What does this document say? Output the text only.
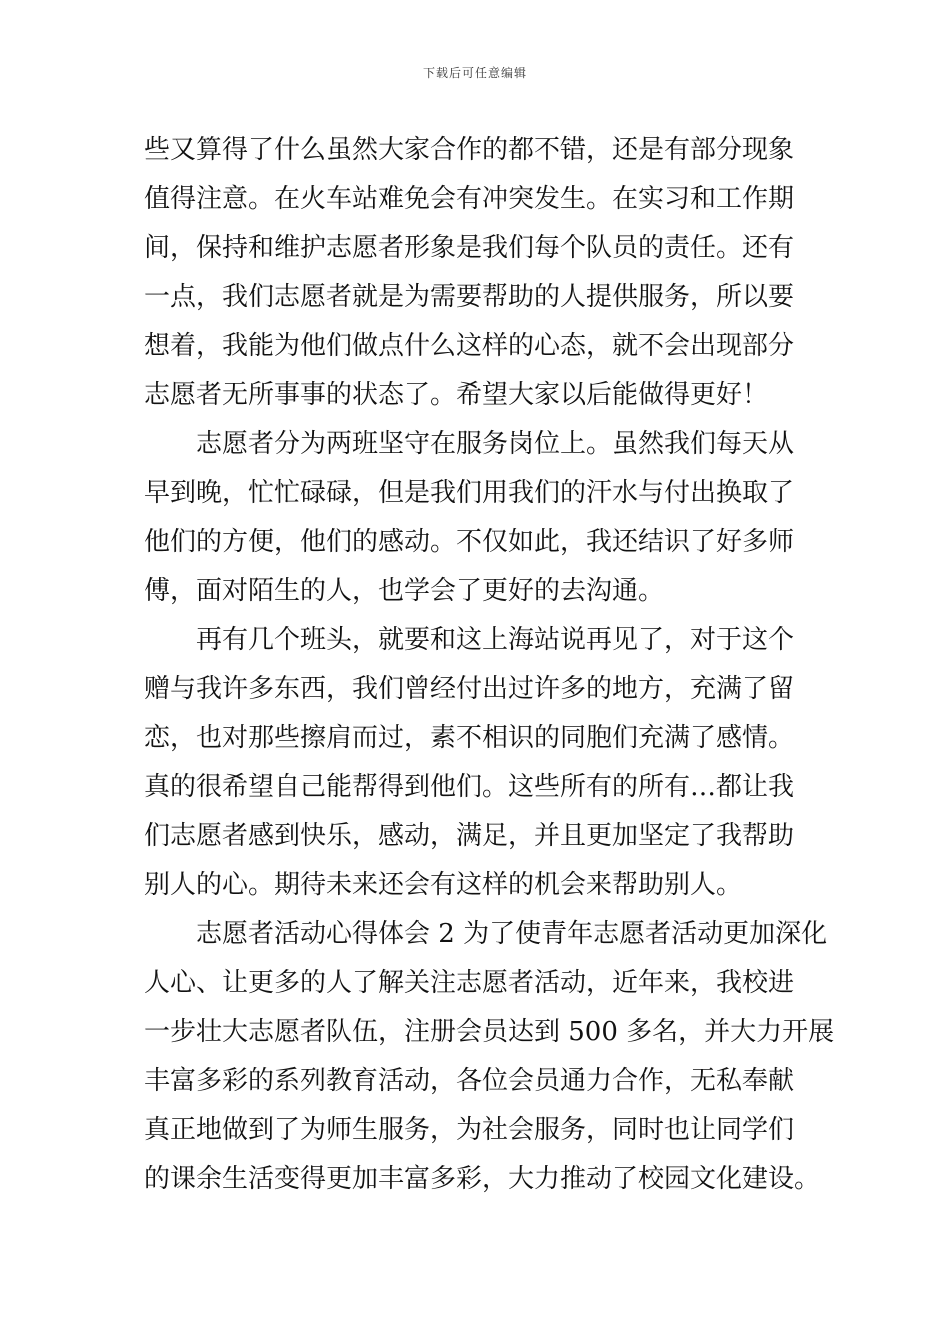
下载后可任意编辑
些又算得了什么虽然大家合作的都不错，还是有部分现象
值得注意。在火车站难免会有冲突发生。在实习和工作期
间，保持和维护志愿者形象是我们每个队员的责任。还有
一点，我们志愿者就是为需要帮助的人提供服务，所以要
想着，我能为他们做点什么这样的心态，就不会出现部分
志愿者无所事事的状态了。希望大家以后能做得更好！
志愿者分为两班坚守在服务岗位上。虽然我们每天从
早到晚，忙忙碌碌，但是我们用我们的汗水与付出换取了
他们的方便，他们的感动。不仅如此，我还结识了好多师
傅，面对陌生的人，也学会了更好的去沟通。
再有几个班头，就要和这上海站说再见了，对于这个
赠与我许多东西，我们曾经付出过许多的地方，充满了留
恋，也对那些擦肩而过，素不相识的同胞们充满了感情。
真的很希望自己能帮得到他们。这些所有的所有…都让我
们志愿者感到快乐，感动，满足，并且更加坚定了我帮助
别人的心。期待未来还会有这样的机会来帮助别人。
志愿者活动心得体会 2 为了使青年志愿者活动更加深化
人心、让更多的人了解关注志愿者活动，近年来，我校进
一步壮大志愿者队伍，注册会员达到 500 多名，并大力开展
丰富多彩的系列教育活动，各位会员通力合作，无私奉献
真正地做到了为师生服务，为社会服务，同时也让同学们
的课余生活变得更加丰富多彩，大力推动了校园文化建设。
